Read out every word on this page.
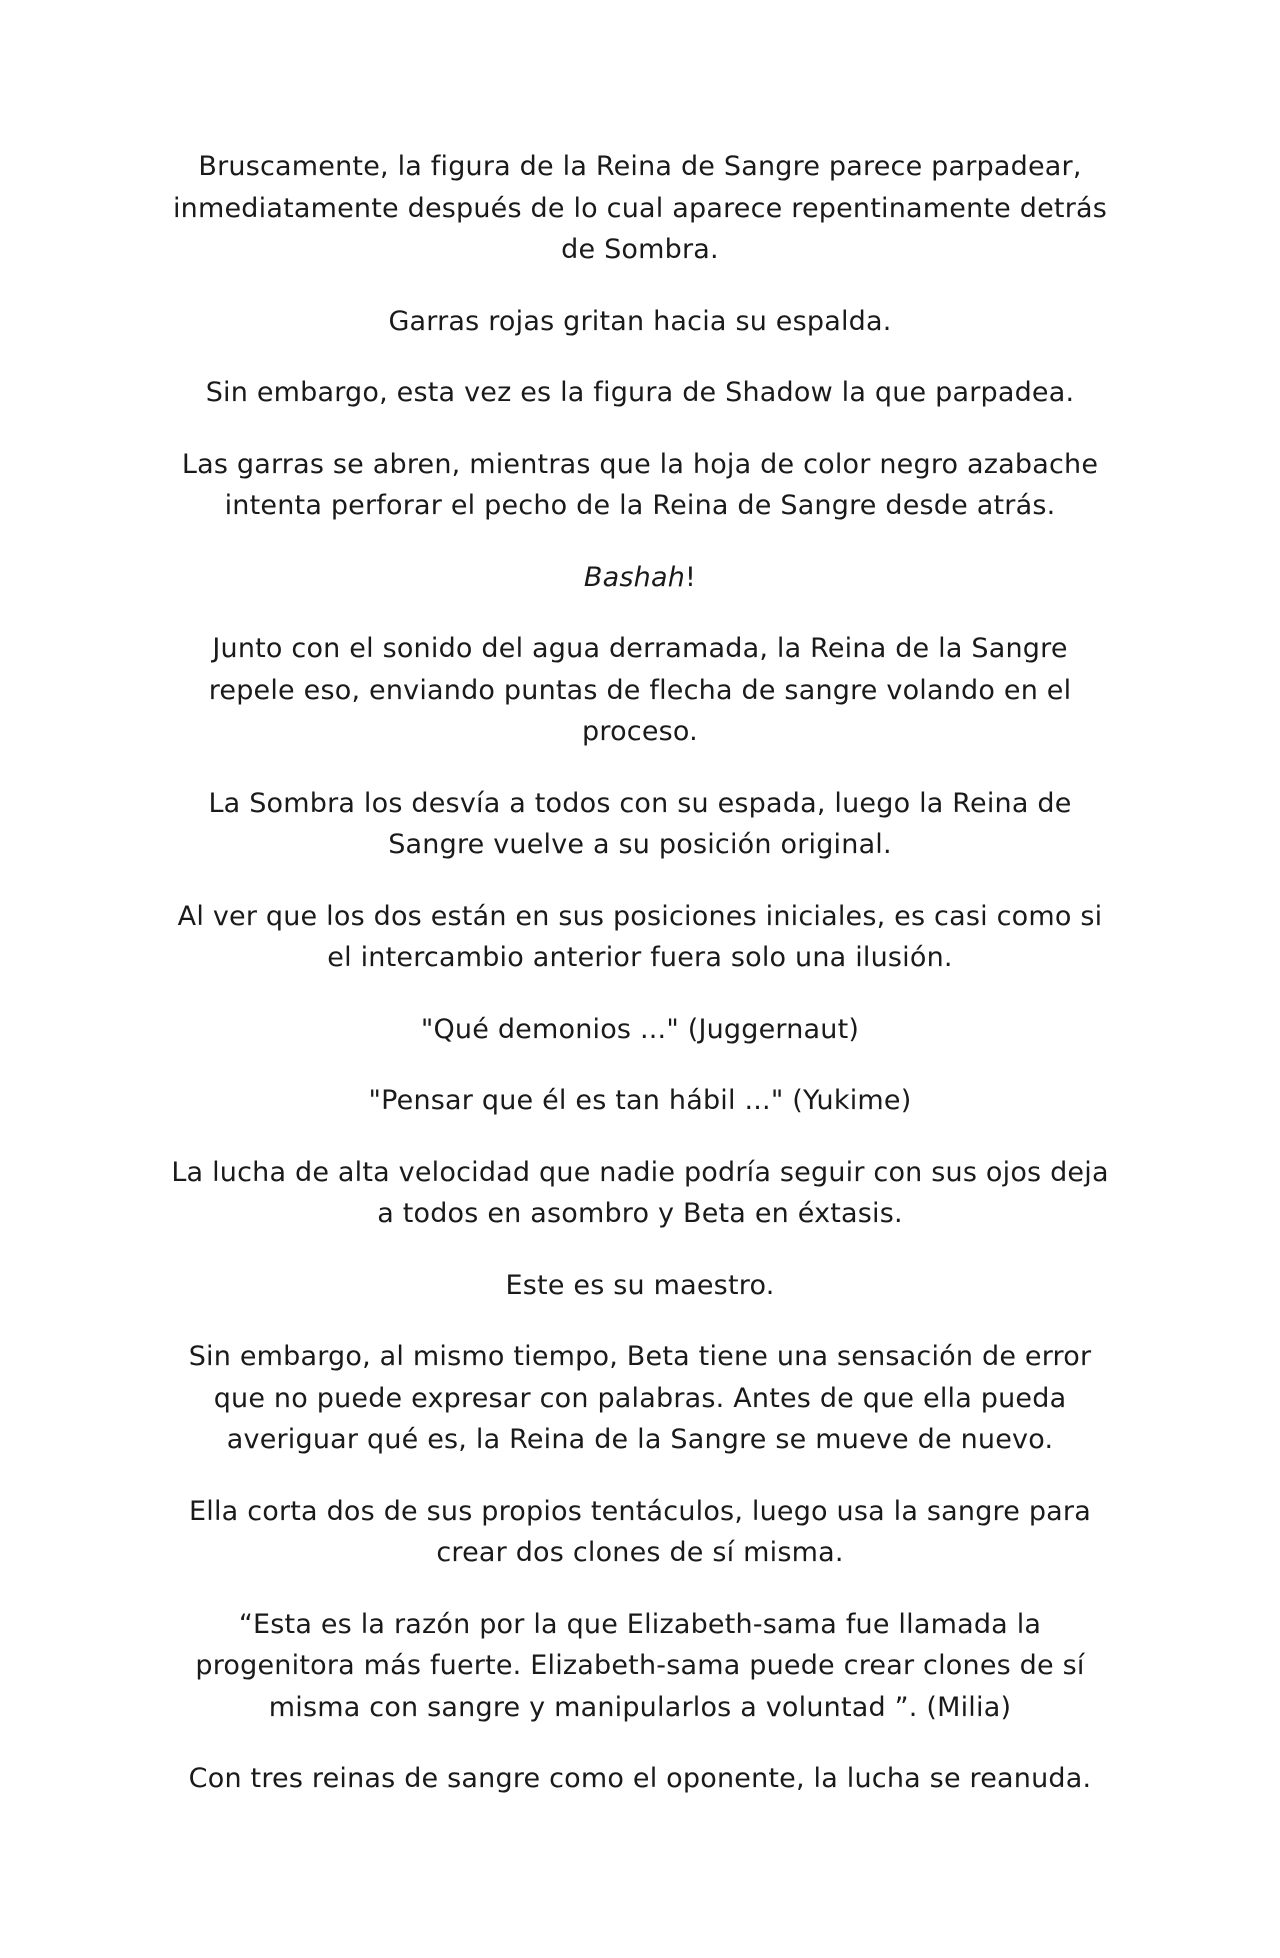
Bruscamente, la figura de la Reina de Sangre parece parpadear, inmediatamente después de lo cual aparece repentinamente detrás de Sombra.

Garras rojas gritan hacia su espalda.

Sin embargo, esta vez es la figura de Shadow la que parpadea.

Las garras se abren, mientras que la hoja de color negro azabache intenta perforar el pecho de la Reina de Sangre desde atrás.

Bashah!

Junto con el sonido del agua derramada, la Reina de la Sangre repele eso, enviando puntas de flecha de sangre volando en el proceso.

La Sombra los desvía a todos con su espada, luego la Reina de Sangre vuelve a su posición original.

Al ver que los dos están en sus posiciones iniciales, es casi como si el intercambio anterior fuera solo una ilusión.

"Qué demonios ..." (Juggernaut)

"Pensar que él es tan hábil ..." (Yukime)

La lucha de alta velocidad que nadie podría seguir con sus ojos deja a todos en asombro y Beta en éxtasis.

Este es su maestro.

Sin embargo, al mismo tiempo, Beta tiene una sensación de error que no puede expresar con palabras. Antes de que ella pueda averiguar qué es, la Reina de la Sangre se mueve de nuevo.

Ella corta dos de sus propios tentáculos, luego usa la sangre para crear dos clones de sí misma.

“Esta es la razón por la que Elizabeth-sama fue llamada la progenitora más fuerte. Elizabeth-sama puede crear clones de sí misma con sangre y manipularlos a voluntad ”. (Milia)

Con tres reinas de sangre como el oponente, la lucha se reanuda.
